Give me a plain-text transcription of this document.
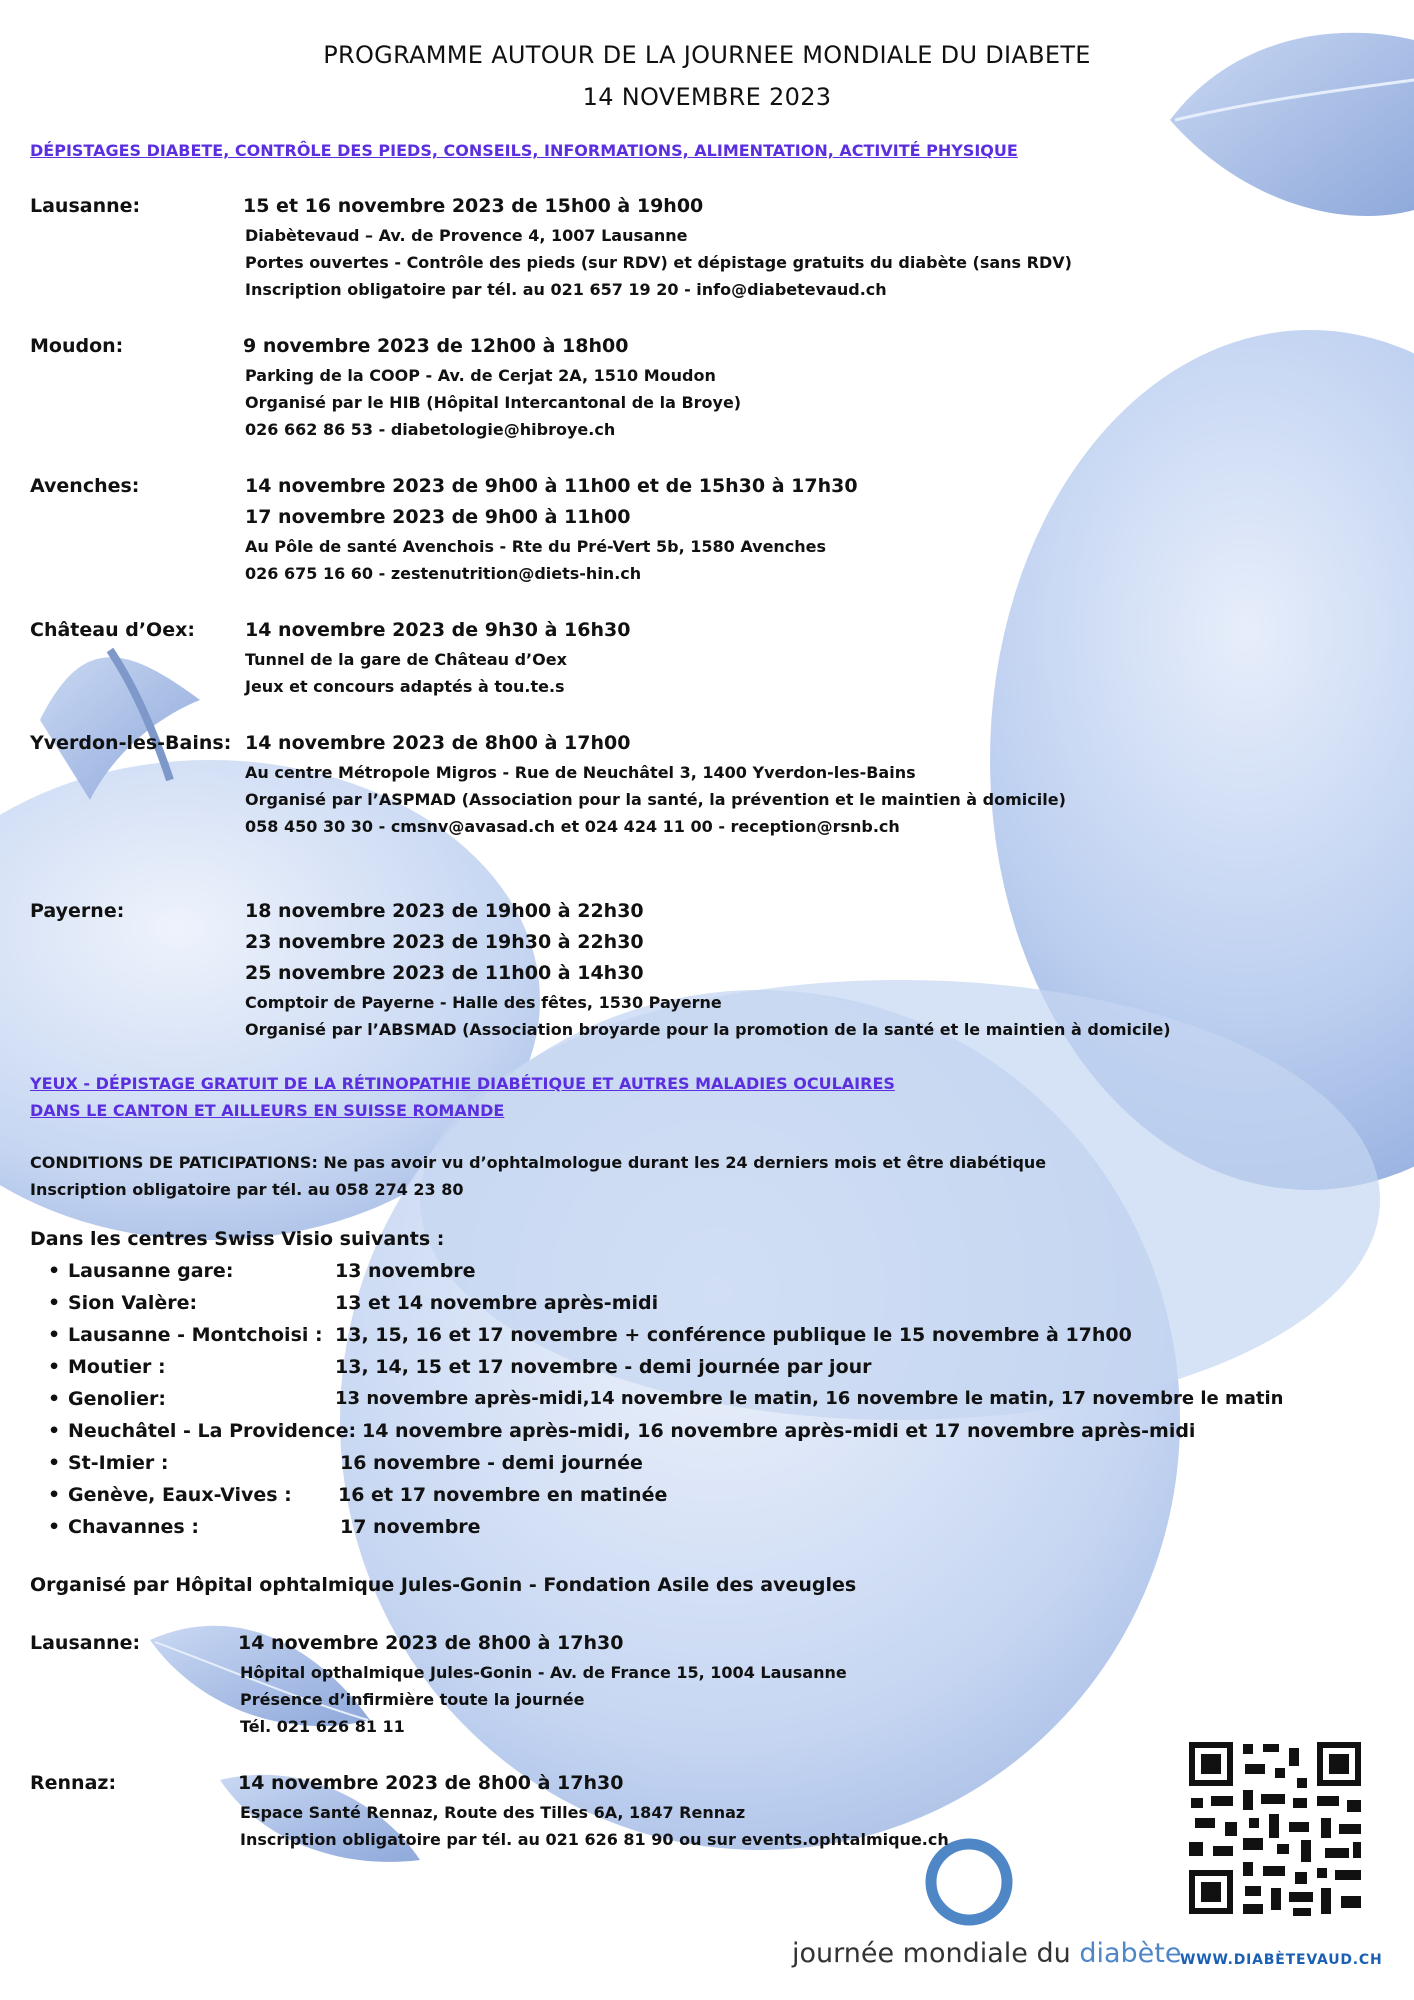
PROGRAMME AUTOUR DE LA JOURNEE MONDIALE DU DIABETE
14 NOVEMBRE 2023
DÉPISTAGES DIABETE, CONTRÔLE DES PIEDS, CONSEILS, INFORMATIONS, ALIMENTATION, ACTIVITÉ PHYSIQUE
Lausanne:	15 et 16 novembre 2023 de 15h00 à 19h00
Diabètevaud – Av. de Provence 4, 1007 Lausanne
Portes ouvertes - Contrôle des pieds (sur RDV) et dépistage gratuits du diabète (sans RDV)
Inscription obligatoire par tél. au 021 657 19 20 - info@diabetevaud.ch
Moudon:	9 novembre 2023 de 12h00 à 18h00
Parking de la COOP - Av. de Cerjat 2A, 1510 Moudon
Organisé par le HIB (Hôpital Intercantonal de la Broye)
026 662 86 53 - diabetologie@hibroye.ch
Avenches:	14 novembre 2023 de 9h00 à 11h00 et de 15h30 à 17h30
17 novembre 2023 de 9h00 à 11h00
Au Pôle de santé Avenchois - Rte du Pré-Vert 5b, 1580 Avenches
026 675 16 60 - zestenutrition@diets-hin.ch
Château d’Oex:	14 novembre 2023 de 9h30 à 16h30
Tunnel de la gare de Château d’Oex
Jeux et concours adaptés à tou.te.s
Yverdon-les-Bains: 14 novembre 2023 de 8h00 à 17h00
Au centre Métropole Migros - Rue de Neuchâtel 3, 1400 Yverdon-les-Bains
Organisé par l’ASPMAD (Association pour la santé, la prévention et le maintien à domicile)
058 450 30 30 - cmsnv@avasad.ch et 024 424 11 00 - reception@rsnb.ch
Payerne:	18 novembre 2023 de 19h00 à 22h30
23 novembre 2023 de 19h30 à 22h30
25 novembre 2023 de 11h00 à 14h30
Comptoir de Payerne - Halle des fêtes, 1530 Payerne
Organisé par l’ABSMAD (Association broyarde pour la promotion de la santé et le maintien à domicile)
YEUX - DÉPISTAGE GRATUIT DE LA RÉTINOPATHIE DIABÉTIQUE ET AUTRES MALADIES OCULAIRES
DANS LE CANTON ET AILLEURS EN SUISSE ROMANDE
CONDITIONS DE PATICIPATIONS: Ne pas avoir vu d’ophtalmologue durant les 24 derniers mois et être diabétique
Inscription obligatoire par tél. au 058 274 23 80
Dans les centres Swiss Visio suivants :
• Lausanne gare:	13 novembre
• Sion Valère:	13 et 14 novembre après-midi
• Lausanne - Montchoisi : 13, 15, 16 et 17 novembre + conférence publique le 15 novembre à 17h00
• Moutier :	13, 14, 15 et 17 novembre - demi journée par jour
• Genolier:	13 novembre après-midi,14 novembre le matin, 16 novembre le matin, 17 novembre le matin
• Neuchâtel - La Providence: 14 novembre après-midi, 16 novembre après-midi et 17 novembre après-midi
• St-Imier :	16 novembre - demi journée
• Genève, Eaux-Vives : 16 et 17 novembre en matinée
• Chavannes :	17 novembre
Organisé par Hôpital ophtalmique Jules-Gonin - Fondation Asile des aveugles
Lausanne:	14 novembre 2023 de 8h00 à 17h30
Hôpital opthalmique Jules-Gonin - Av. de France 15, 1004 Lausanne
Présence d’infirmière toute la journée
Tél. 021 626 81 11
Rennaz:	14 novembre 2023 de 8h00 à 17h30
Espace Santé Rennaz, Route des Tilles 6A, 1847 Rennaz
Inscription obligatoire par tél. au 021 626 81 90 ou sur events.ophtalmique.ch
journée mondiale du diabète
WWW.DIABÈTEVAUD.CH
